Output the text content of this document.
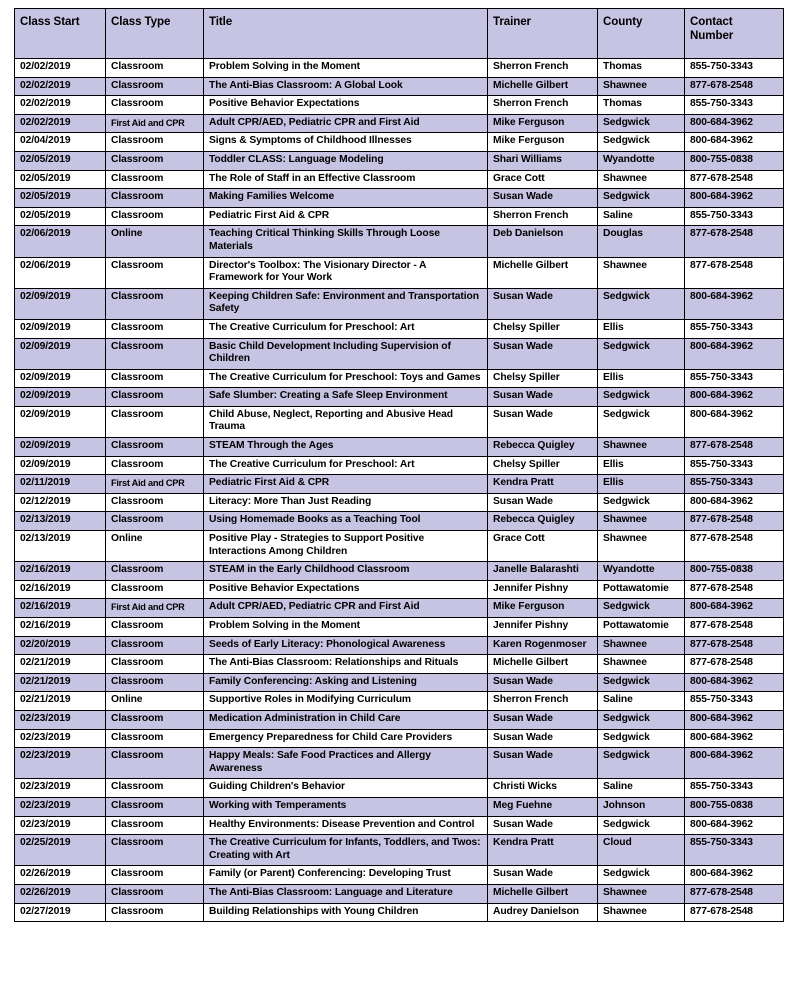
Class Start	Class Type	Title	Trainer	County	Contact Number
02/02/2019	Classroom	Problem Solving in the Moment	Sherron French	Thomas	855-750-3343
02/02/2019	Classroom	The Anti-Bias Classroom: A Global Look	Michelle Gilbert	Shawnee	877-678-2548
02/02/2019	Classroom	Positive Behavior Expectations	Sherron French	Thomas	855-750-3343
02/02/2019	First Aid and CPR	Adult CPR/AED, Pediatric CPR and First Aid	Mike Ferguson	Sedgwick	800-684-3962
02/04/2019	Classroom	Signs & Symptoms of Childhood Illnesses	Mike Ferguson	Sedgwick	800-684-3962
02/05/2019	Classroom	Toddler CLASS: Language Modeling	Shari Williams	Wyandotte	800-755-0838
02/05/2019	Classroom	The Role of Staff in an Effective Classroom	Grace Cott	Shawnee	877-678-2548
02/05/2019	Classroom	Making Families Welcome	Susan Wade	Sedgwick	800-684-3962
02/05/2019	Classroom	Pediatric First Aid & CPR	Sherron French	Saline	855-750-3343
02/06/2019	Online	Teaching Critical Thinking Skills Through Loose Materials	Deb Danielson	Douglas	877-678-2548
02/06/2019	Classroom	Director's Toolbox: The Visionary Director - A Framework for Your Work	Michelle Gilbert	Shawnee	877-678-2548
02/09/2019	Classroom	Keeping Children Safe: Environment and Transportation Safety	Susan Wade	Sedgwick	800-684-3962
02/09/2019	Classroom	The Creative Curriculum for Preschool: Art	Chelsy Spiller	Ellis	855-750-3343
02/09/2019	Classroom	Basic Child Development Including Supervision of Children	Susan Wade	Sedgwick	800-684-3962
02/09/2019	Classroom	The Creative Curriculum for Preschool: Toys and Games	Chelsy Spiller	Ellis	855-750-3343
02/09/2019	Classroom	Safe Slumber: Creating a Safe Sleep Environment	Susan Wade	Sedgwick	800-684-3962
02/09/2019	Classroom	Child Abuse, Neglect, Reporting and Abusive Head Trauma	Susan Wade	Sedgwick	800-684-3962
02/09/2019	Classroom	STEAM Through the Ages	Rebecca Quigley	Shawnee	877-678-2548
02/09/2019	Classroom	The Creative Curriculum for Preschool: Art	Chelsy Spiller	Ellis	855-750-3343
02/11/2019	First Aid and CPR	Pediatric First Aid & CPR	Kendra Pratt	Ellis	855-750-3343
02/12/2019	Classroom	Literacy: More Than Just Reading	Susan Wade	Sedgwick	800-684-3962
02/13/2019	Classroom	Using Homemade Books as a Teaching Tool	Rebecca Quigley	Shawnee	877-678-2548
02/13/2019	Online	Positive Play - Strategies to Support Positive Interactions Among Children	Grace Cott	Shawnee	877-678-2548
02/16/2019	Classroom	STEAM in the Early Childhood Classroom	Janelle Balarashti	Wyandotte	800-755-0838
02/16/2019	Classroom	Positive Behavior Expectations	Jennifer Pishny	Pottawatomie	877-678-2548
02/16/2019	First Aid and CPR	Adult CPR/AED, Pediatric CPR and First Aid	Mike Ferguson	Sedgwick	800-684-3962
02/16/2019	Classroom	Problem Solving in the Moment	Jennifer Pishny	Pottawatomie	877-678-2548
02/20/2019	Classroom	Seeds of Early Literacy: Phonological Awareness	Karen Rogenmoser	Shawnee	877-678-2548
02/21/2019	Classroom	The Anti-Bias Classroom: Relationships and Rituals	Michelle Gilbert	Shawnee	877-678-2548
02/21/2019	Classroom	Family Conferencing: Asking and Listening	Susan Wade	Sedgwick	800-684-3962
02/21/2019	Online	Supportive Roles in Modifying Curriculum	Sherron French	Saline	855-750-3343
02/23/2019	Classroom	Medication Administration in Child Care	Susan Wade	Sedgwick	800-684-3962
02/23/2019	Classroom	Emergency Preparedness for Child Care Providers	Susan Wade	Sedgwick	800-684-3962
02/23/2019	Classroom	Happy Meals: Safe Food Practices and Allergy Awareness	Susan Wade	Sedgwick	800-684-3962
02/23/2019	Classroom	Guiding Children's Behavior	Christi Wicks	Saline	855-750-3343
02/23/2019	Classroom	Working with Temperaments	Meg Fuehne	Johnson	800-755-0838
02/23/2019	Classroom	Healthy Environments: Disease Prevention and Control	Susan Wade	Sedgwick	800-684-3962
02/25/2019	Classroom	The Creative Curriculum for Infants, Toddlers, and Twos: Creating with Art	Kendra Pratt	Cloud	855-750-3343
02/26/2019	Classroom	Family (or Parent) Conferencing: Developing Trust	Susan Wade	Sedgwick	800-684-3962
02/26/2019	Classroom	The Anti-Bias Classroom: Language and Literature	Michelle Gilbert	Shawnee	877-678-2548
02/27/2019	Classroom	Building Relationships with Young Children	Audrey Danielson	Shawnee	877-678-2548
